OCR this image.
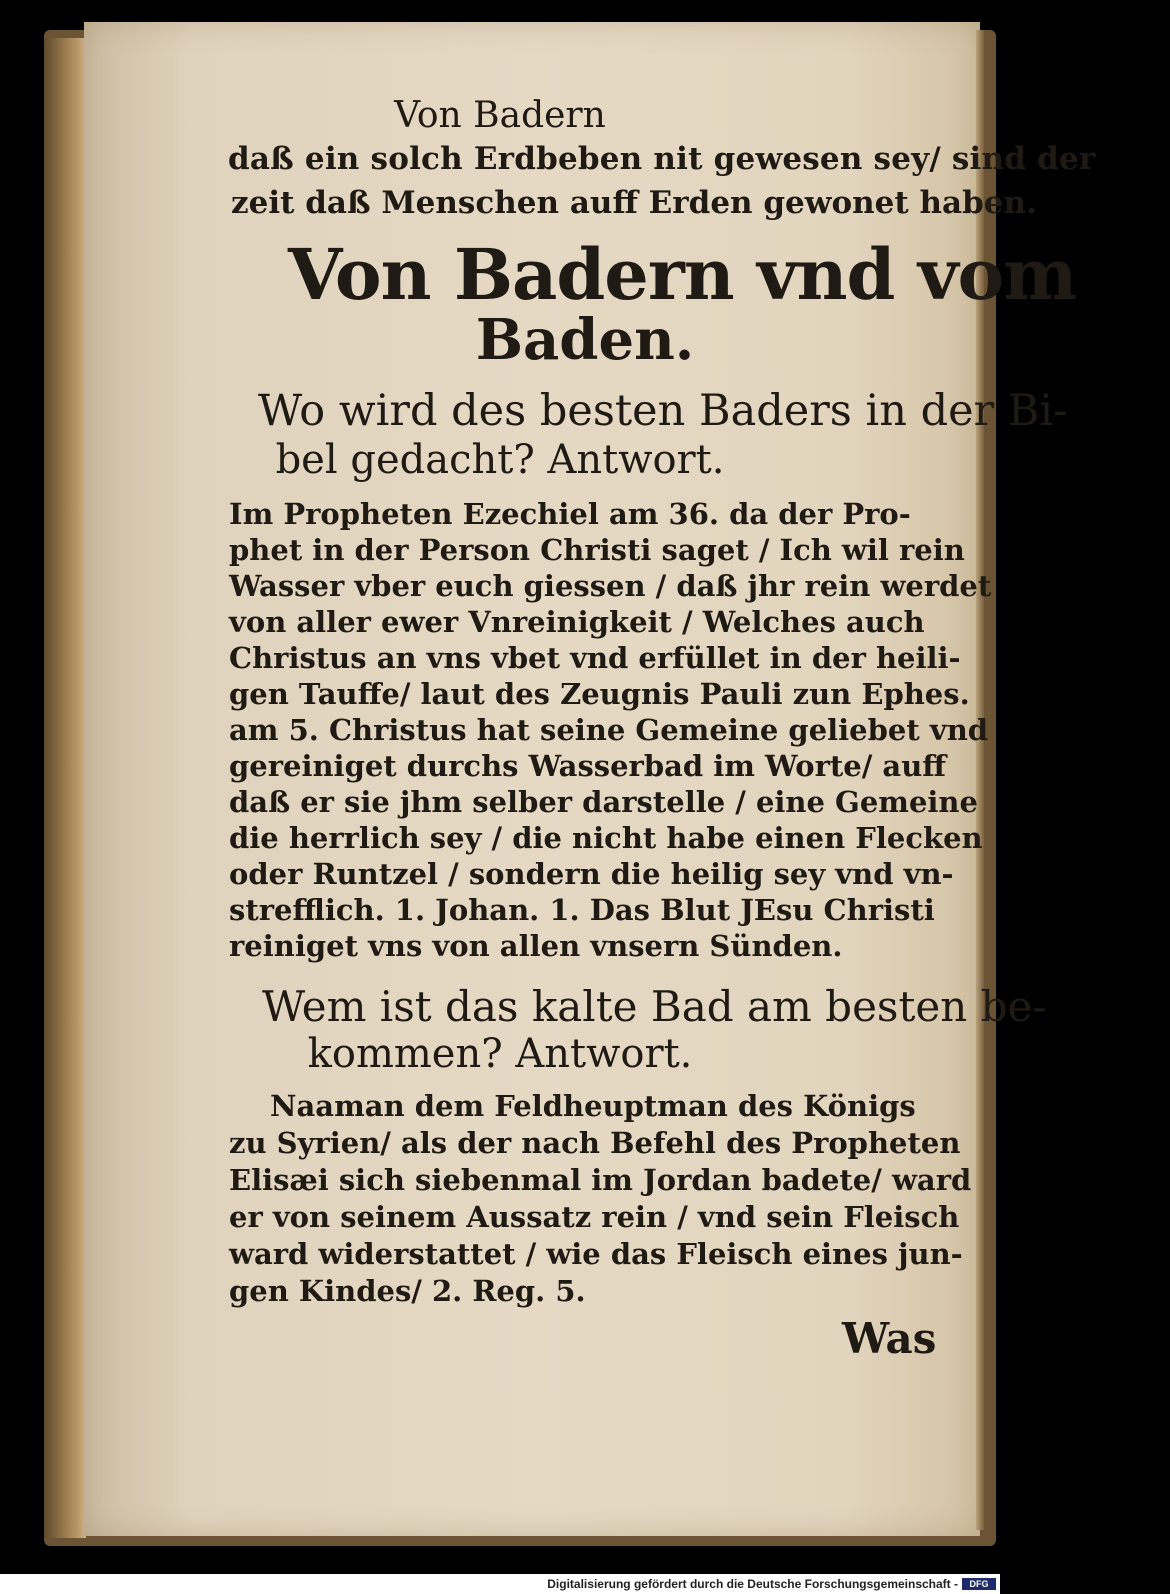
Von Badern

daß ein solch Erdbeben nit gewesen sey/ sind der

zeit daß Menschen auff Erden gewonet haben.

Von Badern vnd vom

Baden.

Wo wird des besten Baders in der Bi-

bel gedacht? Antwort.

Im Propheten Ezechiel am 36. da der Pro-

phet in der Person Christi saget / Ich wil rein

Wasser vber euch giessen / daß jhr rein werdet

von aller ewer Vnreinigkeit / Welches auch

Christus an vns vbet vnd erfüllet in der heili-

gen Tauffe/ laut des Zeugnis Pauli zun Ephes.

am 5. Christus hat seine Gemeine geliebet vnd

gereiniget durchs Wasserbad im Worte/ auff

daß er sie jhm selber darstelle / eine Gemeine

die herrlich sey / die nicht habe einen Flecken

oder Runtzel / sondern die heilig sey vnd vn-

strefflich. 1. Johan. 1. Das Blut JEsu Christi

reiniget vns von allen vnsern Sünden.

Wem ist das kalte Bad am besten be-

kommen? Antwort.

Naaman dem Feldheuptman des Königs

zu Syrien/ als der nach Befehl des Propheten

Elisæi sich siebenmal im Jordan badete/ ward

er von seinem Aussatz rein / vnd sein Fleisch

ward widerstattet / wie das Fleisch eines jun-

gen Kindes/ 2. Reg. 5.

Was

Digitalisierung gefördert durch die Deutsche Forschungsgemeinschaft -	DFG
